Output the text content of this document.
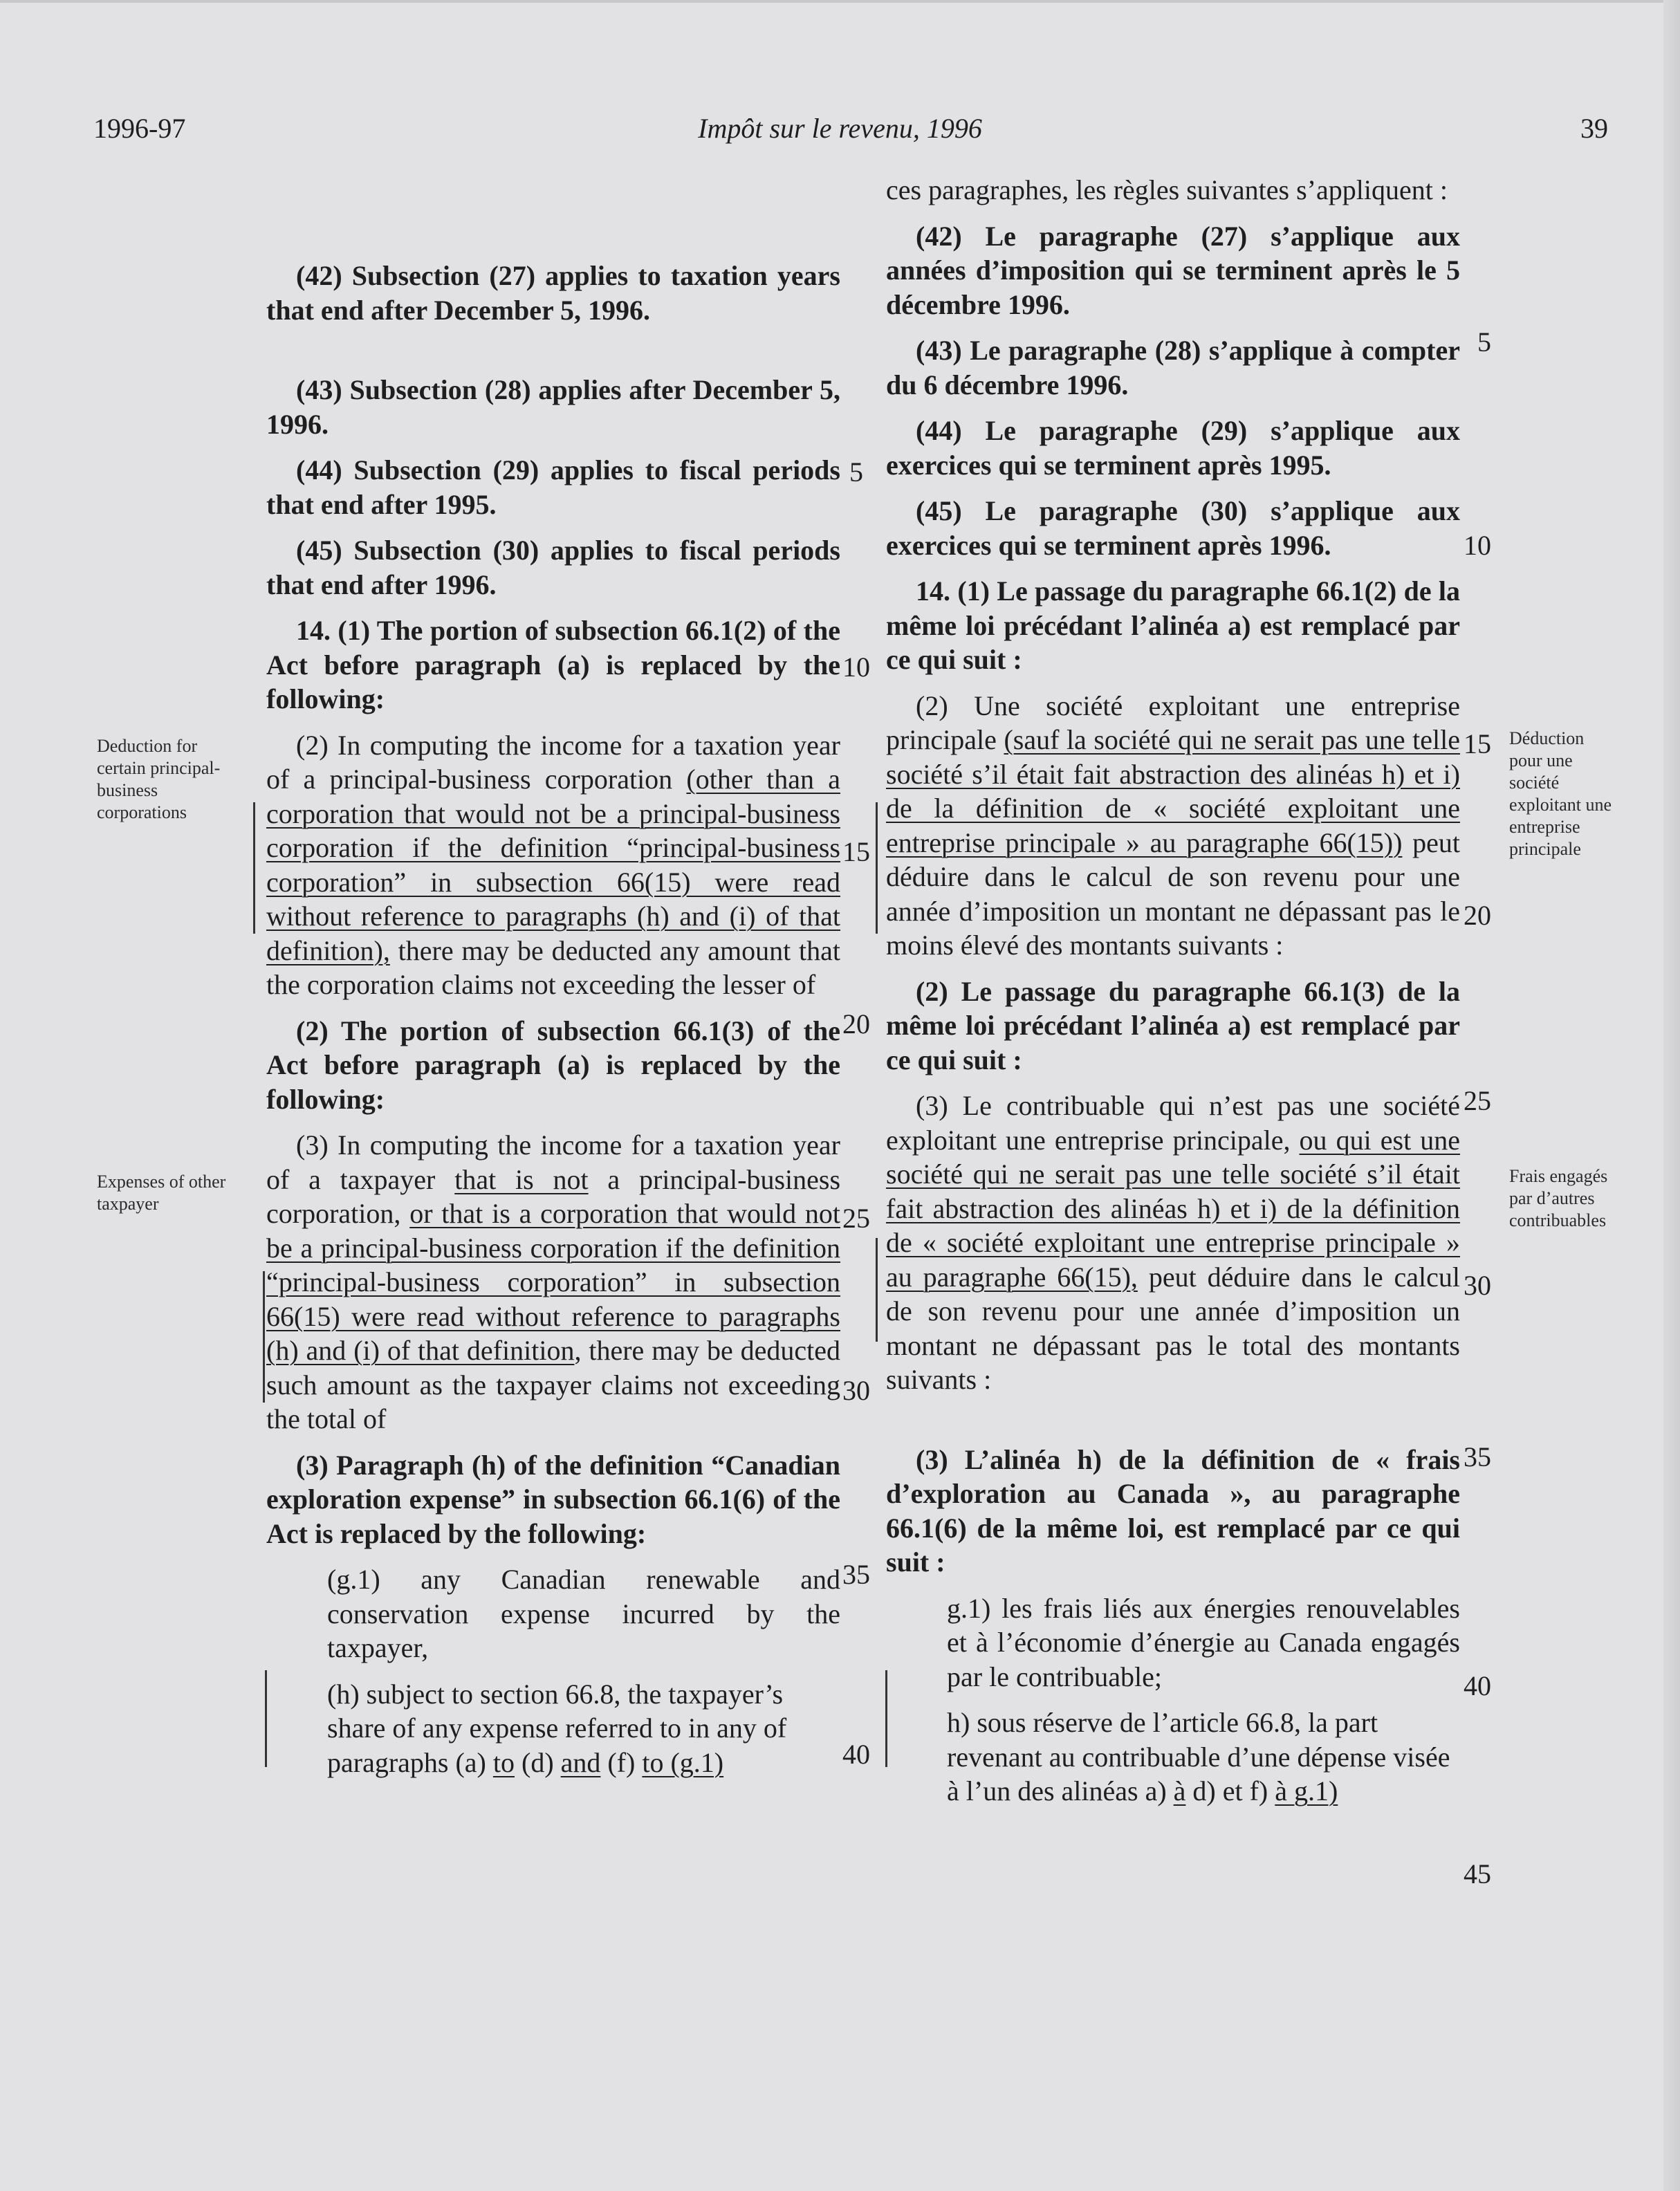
1996-97	Impôt sur le revenu, 1996	39
Deduction for certain principal-business corporations
Expenses of other taxpayer
Déduction pour une société exploitant une entreprise principale
Frais engagés par d’autres contribuables

(42) Subsection (27) applies to taxation years that end after December 5, 1996.

(43) Subsection (28) applies after December 5, 1996.

(44) Subsection (29) applies to fiscal periods that end after 1995.

(45) Subsection (30) applies to fiscal periods that end after 1996.

14. (1) The portion of subsection 66.1(2) of the Act before paragraph (a) is replaced by the following:

(2) In computing the income for a taxation year of a principal-business corporation (other than a corporation that would not be a principal-business corporation if the definition “principal-business corporation” in subsection 66(15) were read without reference to paragraphs (h) and (i) of that definition), there may be deducted any amount that the corporation claims not exceeding the lesser of

(2) The portion of subsection 66.1(3) of the Act before paragraph (a) is replaced by the following:

(3) In computing the income for a taxation year of a taxpayer that is not a principal-business corporation, or that is a corporation that would not be a principal-business corporation if the definition “principal-business corporation” in subsection 66(15) were read without reference to paragraphs (h) and (i) of that definition, there may be deducted such amount as the taxpayer claims not exceeding the total of

(3) Paragraph (h) of the definition “Canadian exploration expense” in subsection 66.1(6) of the Act is replaced by the following:

(g.1) any Canadian renewable and conservation expense incurred by the taxpayer,

(h) subject to section 66.8, the taxpayer’s share of any expense referred to in any of paragraphs (a) to (d) and (f) to (g.1)

ces paragraphes, les règles suivantes s’appliquent :

(42) Le paragraphe (27) s’applique aux années d’imposition qui se terminent après le 5 décembre 1996.

(43) Le paragraphe (28) s’applique à compter du 6 décembre 1996.

(44) Le paragraphe (29) s’applique aux exercices qui se terminent après 1995.

(45) Le paragraphe (30) s’applique aux exercices qui se terminent après 1996.

14. (1) Le passage du paragraphe 66.1(2) de la même loi précédant l’alinéa a) est remplacé par ce qui suit :

(2) Une société exploitant une entreprise principale (sauf la société qui ne serait pas une telle société s’il était fait abstraction des alinéas h) et i) de la définition de « société exploitant une entreprise principale » au paragraphe 66(15)) peut déduire dans le calcul de son revenu pour une année d’imposition un montant ne dépassant pas le moins élevé des montants suivants :

(2) Le passage du paragraphe 66.1(3) de la même loi précédant l’alinéa a) est remplacé par ce qui suit :

(3) Le contribuable qui n’est pas une société exploitant une entreprise principale, ou qui est une société qui ne serait pas une telle société s’il était fait abstraction des alinéas h) et i) de la définition de « société exploitant une entreprise principale » au paragraphe 66(15), peut déduire dans le calcul de son revenu pour une année d’imposition un montant ne dépassant pas le total des montants suivants :

(3) L’alinéa h) de la définition de « frais d’exploration au Canada », au paragraphe 66.1(6) de la même loi, est remplacé par ce qui suit :

g.1) les frais liés aux énergies renouvelables et à l’économie d’énergie au Canada engagés par le contribuable;

h) sous réserve de l’article 66.8, la part revenant au contribuable d’une dépense visée à l’un des alinéas a) à d) et f) à g.1)

5
10
15
20
25
30
35
40
5
10
15
20
25
30
35
40
45
